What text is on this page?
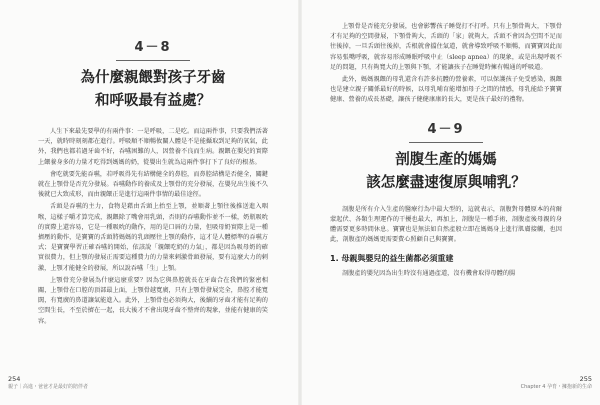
4－8
為什麼親餵對孩子牙齒
和呼吸最有益處？

人生下來最先要學的有兩件事：一是呼吸，二是吃。而這兩件事，只要我們活著一天，就時時刻刻都在進行。呼吸順不順暢攸關人體是不是能攝取到足夠的氧氣，此外，我們也都若過牙齒不好，吞嚥困難的人，因營養不良而生病。親餵在嬰兒的實際上餵養身多的力量才吃得到媽媽的奶，從嬰出生就為這兩件事打下了良好的根基。

會吃就要先能吞嚥，若呼吸得先有結構健全的鼻腔，而鼻腔結構是否健全，關鍵就在上顎骨是否充分發展。吞嚥動作的養成及上顎骨的充分發展，在嬰兒出生後不久後就已大致成形，而由親餵正是進行這兩件事情的最佳途徑。

舌頭是吞嚥的主力，食物是藉由舌頭上抬至上顎，並順著上顎往後推送進入咽喉，這樣子嚼才算完成，親餵除了嘴會用乳頭，否則的吞嚥動作並不一樣，奶瓶吸吮的實際上還容易，它是一種吸吮的動作，用的是口唇的力量，但吸母奶實際上是一種擠壓的動作，是寶寶的舌頭將媽媽的乳頭壓往上顎的動作，這才是人體標準的吞嚥方式；是寶寶學習正確吞嚥的開始，依該說「親餵吃奶的力氣」，都是因為吸母奶的確實很費力，但上顎的發展正需要這種費力的力量來刺激骨頭發展，要有這麼大力的刺激，上顎才能健全的發展，所以說吞嚥「生」上顎。

上顎骨充分發展為什麼這麼重要？因為它與鼻腔就長在牙齒合在我們的緊密相關，上顎骨在口腔的頂部最上面，上顎骨越寬廣，只有上顎骨發展完全，鼻腔才能寬闊，有寬廣的鼻道讓氣能進入。此外，上顎骨也必須夠大，後續的牙齒才能有足夠的空間生長，不至於擠在一起，長大後才不會出現牙齒不整齊的現象，並能有健康的笑容。

上顎骨是否能充分發展，也會影響孩子睡覺打不打呼。只有上顎骨夠大，下顎骨才有足夠的空間發展，下顎骨夠大，舌頭的「家」就夠大，舌頭不會因為空間不足而往後掉，一旦舌頭往後掉，舌根就會擋住氣道，就會導致呼吸不順暢，而寶寶因此而容易張嘴呼吸，就容易形成睡眠呼吸中止（sleep apnea）的現象，或是出現呼吸不足的問題，只有夠寬大的上顎與下顎，才能讓孩子在睡覺時擁有暢通的呼吸道。

此外，媽媽親餵的母乳還含有許多抗體的營養素，可以保護孩子免受感染，親餵也是建立親子關係最好的時候，以母乳哺育能增加母子之間的情感，母乳能給予寶寶健康、營養的成長基礎，讓孩子健健康康的長大，更是孩子最好的禮物。

4－9
剖腹生產的媽媽
該怎麼盡速復原與哺乳？

剖腹是所有介入生產的醫療行為中最大型的，這就表示，剖腹對母體原本的荷爾蒙起伏、各類生理運作的干擾也最大，再加上，剖腹是一種手術，剖腹產後母親的身體需要更多時間休息。寶寶也是無法如自然產般立即在媽媽身上進行肌膚接觸，也因此，剖腹產的媽媽更需要費心照顧自己與寶寶。

1. 母親與嬰兒的益生菌都必須重建

剖腹產的嬰兒因為出生時沒有通過產道，沒有機會取得母體的腸

254
親子｜高進・爸爸才是最好的陪伴者
255
Chapter 4 孕育・擁抱新的生命
